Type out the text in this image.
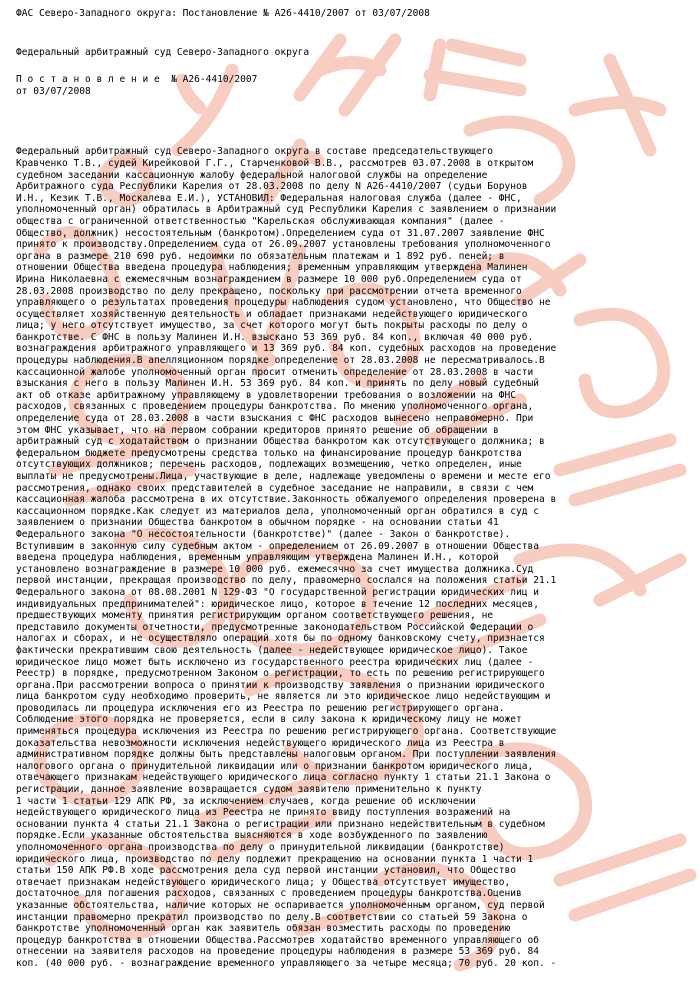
ФАС Северо-Западного округа: Постановление № А26-4410/2007 от 03/07/2008
Федеральный арбитражный суд Северо-Западного округа
П о с т а н о в л е н и е  № А26-4410/2007
от 03/07/2008
Федеральный арбитражный суд Северо-Западного округа в составе председательствующего
Кравченко Т.В., судей Кирейковой Г.Г., Старченковой В.В., рассмотрев 03.07.2008 в открытом
судебном заседании кассационную жалобу федеральной налоговой службы на определение
Арбитражного суда Республики Карелия от 28.03.2008 по делу N А26-4410/2007 (судьи Борунов
И.Н., Кезик Т.В., Москалева Е.И.), УСТАНОВИЛ: Федеральная налоговая служба (далее - ФНС,
уполномоченный орган) обратилась в Арбитражный суд Республики Карелия с заявлением о признании
общества с ограниченной ответственностью "Карельская обслуживающая компания" (далее -
Общество, должник) несостоятельным (банкротом).Определением суда от 31.07.2007 заявление ФНС
принято к производству.Определением суда от 26.09.2007 установлены требования уполномоченного
органа в размере 210 690 руб. недоимки по обязательным платежам и 1 892 руб. пеней; в
отношении Общества введена процедура наблюдения; временным управляющим утверждена Малинен
Ирина Николаевна с ежемесячным вознаграждением в размере 10 000 руб.Определением суда от
28.03.2008 производство по делу прекращено, поскольку при рассмотрении отчета временного
управляющего о результатах проведения процедуры наблюдения судом установлено, что Общество не
осуществляет хозяйственную деятельность и обладает признаками недействующего юридического
лица; у него отсутствует имущество, за счет которого могут быть покрыты расходы по делу о
банкротстве. С ФНС в пользу Малинен И.Н. взыскано 53 369 руб. 84 коп., включая 40 000 руб.
вознаграждения арбитражного управляющего и 13 369 руб. 84 коп. судебных расходов на проведение
процедуры наблюдения.В апелляционном порядке определение от 28.03.2008 не пересматривалось.В
кассационной жалобе уполномоченный орган просит отменить определение от 28.03.2008 в части
взыскания с него в пользу Малинен И.Н. 53 369 руб. 84 коп. и принять по делу новый судебный
акт об отказе арбитражному управляющему в удовлетворении требования о возложении на ФНС
расходов, связанных с проведением процедуры банкротства. По мнению уполномоченного органа,
определение суда от 28.03.2008 в части взыскания с ФНС расходов вынесено неправомерно. При
этом ФНС указывает, что на первом собрании кредиторов принято решение об обращении в
арбитражный суд с ходатайством о признании Общества банкротом как отсутствующего должника; в
федеральном бюджете предусмотрены средства только на финансирование процедур банкротства
отсутствующих должников; перечень расходов, подлежащих возмещению, четко определен, иные
выплаты не предусмотрены.Лица, участвующие в деле, надлежаще уведомлены о времени и месте его
рассмотрения, однако своих представителей в судебное заседание не направили, в связи с чем
кассационная жалоба рассмотрена в их отсутствие.Законность обжалуемого определения проверена в
кассационном порядке.Как следует из материалов дела, уполномоченный орган обратился в суд с
заявлением о признании Общества банкротом в обычном порядке - на основании статьи 41
Федерального закона "О несостоятельности (банкротстве)" (далее - Закон о банкротстве).
Вступившим в законную силу судебным актом - определением от 26.09.2007 в отношении Общества
введена процедура наблюдения, временным управляющим утверждена Малинен И.Н., которой
установлено вознаграждение в размере 10 000 руб. ежемесячно за счет имущества должника.Суд
первой инстанции, прекращая производство по делу, правомерно сослался на положения статьи 21.1
Федерального закона от 08.08.2001 N 129-ФЗ "О государственной регистрации юридических лиц и
индивидуальных предпринимателей": юридическое лицо, которое в течение 12 последних месяцев,
предшествующих моменту принятия регистрирующим органом соответствующего решения, не
представило документы отчетности, предусмотренные законодательством Российской Федерации о
налогах и сборах, и не осуществляло операций хотя бы по одному банковскому счету, признается
фактически прекратившим свою деятельность (далее - недействующее юридическое лицо). Такое
юридическое лицо может быть исключено из государственного реестра юридических лиц (далее -
Реестр) в порядке, предусмотренном Законом о регистрации, то есть по решению регистрирующего
органа.При рассмотрении вопроса о принятии к производству заявления о признании юридического
лица банкротом суду необходимо проверить, не является ли это юридическое лицо недействующим и
проводилась ли процедура исключения его из Реестра по решению регистрирующего органа.
Соблюдение этого порядка не проверяется, если в силу закона к юридическому лицу не может
применяться процедура исключения из Реестра по решению регистрирующего органа. Соответствующие
доказательства невозможности исключения недействующего юридического лица из Реестра в
административном порядке должны быть представлены налоговым органом. При поступлении заявления
налогового органа о принудительной ликвидации или о признании банкротом юридического лица,
отвечающего признакам недействующего юридического лица согласно пункту 1 статьи 21.1 Закона о
регистрации, данное заявление возвращается судом заявителю применительно к пункту
1 части 1 статьи 129 АПК РФ, за исключением случаев, когда решение об исключении
недействующего юридического лица из Реестра не принято ввиду поступления возражений на
основании пункта 4 статьи 21.1 Закона о регистрации или признано недействительным в судебном
порядке.Если указанные обстоятельства выясняются в ходе возбужденного по заявлению
уполномоченного органа производства по делу о принудительной ликвидации (банкротстве)
юридического лица, производство по делу подлежит прекращению на основании пункта 1 части 1
статьи 150 АПК РФ.В ходе рассмотрения дела суд первой инстанции установил, что Общество
отвечает признакам недействующего юридического лица; у Общества отсутствует имущество,
достаточное для погашения расходов, связанных с проведением процедуры банкротства.Оценив
указанные обстоятельства, наличие которых не оспаривается уполномоченным органом, суд первой
инстанции правомерно прекратил производство по делу.В соответствии со статьей 59 Закона о
банкротстве уполномоченный орган как заявитель обязан возместить расходы по проведению
процедур банкротства в отношении Общества.Рассмотрев ходатайство временного управляющего об
отнесении на заявителя расходов на проведение процедуры наблюдения в размере 53 369 руб. 84
коп. (40 000 руб. - вознаграждение временного управляющего за четыре месяца; 70 руб. 20 коп. -
